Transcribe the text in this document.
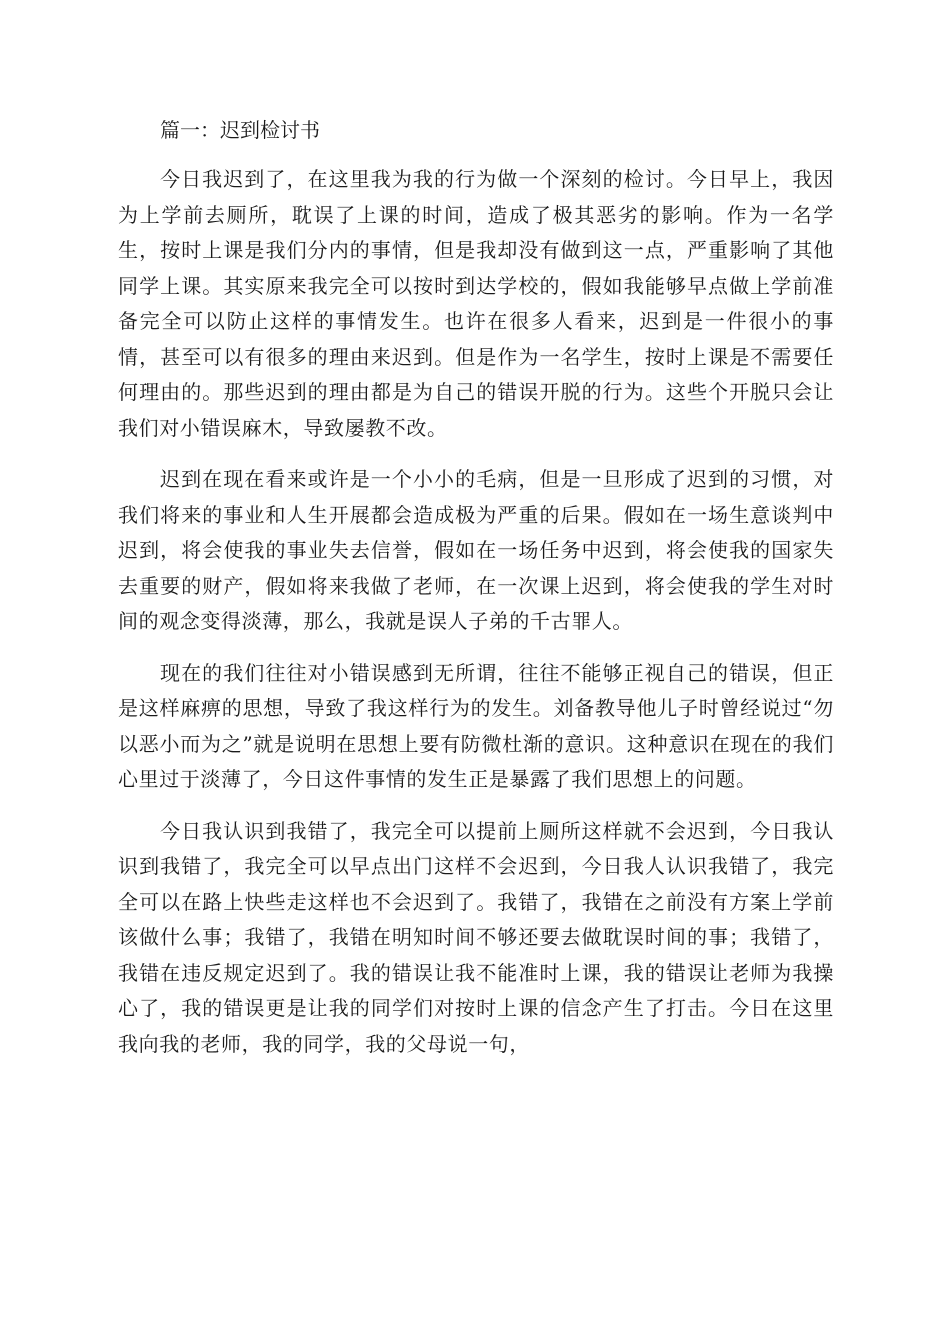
篇一：迟到检讨书

今日我迟到了，在这里我为我的行为做一个深刻的检讨。今日早上，我因为上学前去厕所，耽误了上课的时间，造成了极其恶劣的影响。作为一名学生，按时上课是我们分内的事情，但是我却没有做到这一点，严重影响了其他同学上课。其实原来我完全可以按时到达学校的，假如我能够早点做上学前准备完全可以防止这样的事情发生。也许在很多人看来，迟到是一件很小的事情，甚至可以有很多的理由来迟到。但是作为一名学生，按时上课是不需要任何理由的。那些迟到的理由都是为自己的错误开脱的行为。这些个开脱只会让我们对小错误麻木，导致屡教不改。

迟到在现在看来或许是一个小小的毛病，但是一旦形成了迟到的习惯，对我们将来的事业和人生开展都会造成极为严重的后果。假如在一场生意谈判中迟到，将会使我的事业失去信誉，假如在一场任务中迟到，将会使我的国家失去重要的财产，假如将来我做了老师，在一次课上迟到，将会使我的学生对时间的观念变得淡薄，那么，我就是误人子弟的千古罪人。

现在的我们往往对小错误感到无所谓，往往不能够正视自己的错误，但正是这样麻痹的思想，导致了我这样行为的发生。刘备教导他儿子时曾经说过“勿以恶小而为之”就是说明在思想上要有防微杜渐的意识。这种意识在现在的我们心里过于淡薄了，今日这件事情的发生正是暴露了我们思想上的问题。

今日我认识到我错了，我完全可以提前上厕所这样就不会迟到，今日我认识到我错了，我完全可以早点出门这样不会迟到，今日我人认识我错了，我完全可以在路上快些走这样也不会迟到了。我错了，我错在之前没有方案上学前该做什么事；我错了，我错在明知时间不够还要去做耽误时间的事；我错了，我错在违反规定迟到了。我的错误让我不能准时上课，我的错误让老师为我操心了，我的错误更是让我的同学们对按时上课的信念产生了打击。今日在这里我向我的老师，我的同学，我的父母说一句，
